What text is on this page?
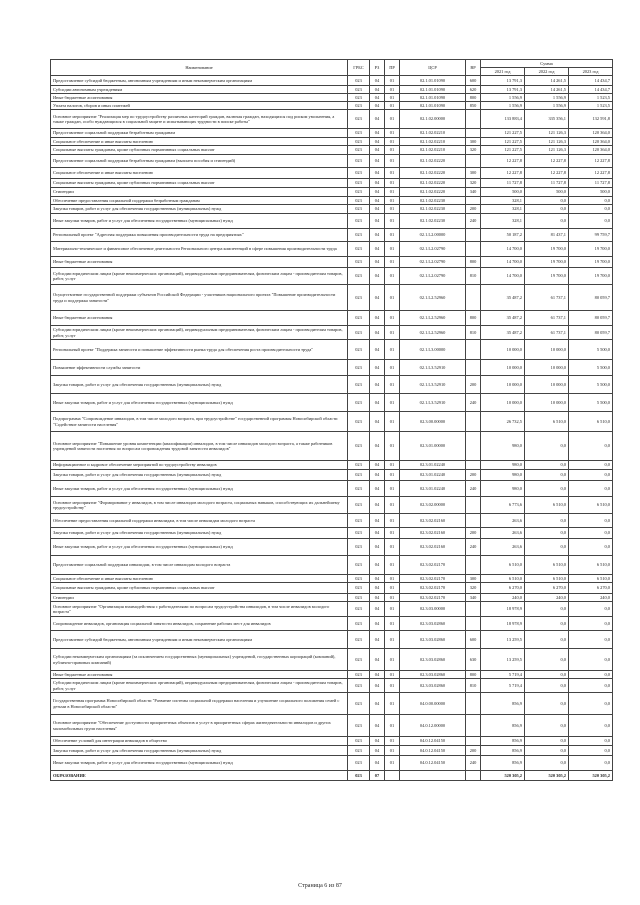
Наименование	ГРБС	РЗ	ПР	ЦСР	ВР	Сумма		
						2021 год	2022 год	2023 год
Предоставление субсидий бюджетным, автономным учреждениям и иным некоммерческим организациям	023	04	01	02.1.01.01090	600	13 791,3	14 261,5	14 434,7
Субсидии автономным учреждениям	023	04	01	02.1.01.01090	620	13 791,3	14 261,5	14 434,7
Иные бюджетные ассигнования	023	04	01	02.1.01.01090	800	1 556,9	1 556,9	1 523,5
Уплата налогов, сборов и иных платежей	023	04	01	02.1.01.01090	850	1 556,9	1 556,9	1 523,5
Основное мероприятие "Реализация мер по трудоустройству различных категорий граждан, включая граждан, находящихся под риском увольнения, а также граждан, особо нуждающихся в социальной защите и испытывающих трудности в поиске работы"	023	04	01	02.1.02.00000		133 883,4	335 356,1	132 591,8
Предоставление социальной поддержки безработным гражданам	023	04	01	02.1.02.02210		121 227,5	121 126,3	120 364,0
Социальное обеспечение и иные выплаты населению	023	04	01	02.1.02.02210	300	121 227,5	121 126,3	120 364,0
Социальные выплаты гражданам, кроме публичных нормативных социальных выплат	023	04	01	02.1.02.02210	320	121 227,5	121 126,3	120 364,0
Предоставление социальной поддержки безработным гражданам (выплата пособия и стипендий)	023	04	01	02.1.02.02220		12 227,8	12 227,8	12 227,8
Социальное обеспечение и иные выплаты населению	023	04	01	02.1.02.02220	300	12 227,8	12 227,8	12 227,8
Социальные выплаты гражданам, кроме публичных нормативных социальных выплат	023	04	01	02.1.02.02220	320	11 727,8	11 727,8	11 727,8
Стипендии	023	04	01	02.1.02.02220	340	500,0	500,0	500,0
Обеспечение предоставления социальной поддержки безработным гражданам	023	04	01	02.1.02.02230		328,1	0,0	0,0
Закупка товаров, работ и услуг для обеспечения государственных (муниципальных) нужд	023	04	01	02.1.02.02230	200	328,1	0,0	0,0
Иные закупки товаров, работ и услуг для обеспечения государственных (муниципальных) нужд	023	04	01	02.1.02.02230	240	328,1	0,0	0,0
Региональный проект "Адресная поддержка повышения производительности труда на предприятиях"	023	04	01	02.1.L2.00000		50 187,2	81 437,1	99 759,7
Материально-техническое и финансовое обеспечение деятельности Регионального центра компетенций в сфере повышения производительности труда	023	04	01	02.1.L2.02790		14 700,0	19 700,0	19 700,0
Иные бюджетные ассигнования	023	04	01	02.1.L2.02790	800	14 700,0	19 700,0	19 700,0
Субсидии юридическим лицам (кроме некоммерческих организаций), индивидуальным предпринимателям, физическим лицам - производителям товаров, работ, услуг	023	04	01	02.1.L2.02790	810	14 700,0	19 700,0	19 700,0
Осуществление государственной поддержки субъектов Российской Федерации - участников национального проекта "Повышение производительности труда и поддержка занятости"	023	04	01	02.1.L2.52960		35 487,2	61 737,1	80 059,7
Иные бюджетные ассигнования	023	04	01	02.1.L2.52960	800	35 487,2	61 737,1	80 059,7
Субсидии юридическим лицам (кроме некоммерческих организаций), индивидуальным предпринимателям, физическим лицам - производителям товаров, работ, услуг	023	04	01	02.1.L2.52960	810	35 487,2	61 737,1	80 059,7
Региональный проект "Поддержка занятости и повышение эффективности рынка труда для обеспечения роста производительности труда"	023	04	01	02.1.L3.00000		10 000,0	10 000,0	5 500,0
Повышение эффективности службы занятости	023	04	01	02.1.L3.52910		10 000,0	10 000,0	5 500,0
Закупка товаров, работ и услуг для обеспечения государственных (муниципальных) нужд	023	04	01	02.1.L3.52910	200	10 000,0	10 000,0	5 500,0
Иные закупки товаров, работ и услуг для обеспечения государственных (муниципальных) нужд	023	04	01	02.1.L3.52910	240	10 000,0	10 000,0	5 500,0
Подпрограмма "Сопровождение инвалидов, в том числе молодого возраста, при трудоустройстве" государственной программы Новосибирской области "Содействие занятости населения"	023	04	01	02.3.00.00000		26 732,5	6 510,0	6 510,0
Основное мероприятие "Повышение уровня компетенции (квалификации) инвалидов, в том числе инвалидов молодого возраста, а также работников учреждений занятости населения по вопросам сопровождения трудовой занятости инвалидов"	023	04	01	02.3.01.00000		980,0	0,0	0,0
Информационное и кадровое обеспечение мероприятий по трудоустройству инвалидов	023	04	01	02.3.01.02240		980,0	0,0	0,0
Закупка товаров, работ и услуг для обеспечения государственных (муниципальных) нужд	023	04	01	02.3.01.02240	200	980,0	0,0	0,0
Иные закупки товаров, работ и услуг для обеспечения государственных (муниципальных) нужд	023	04	01	02.3.01.02240	240	980,0	0,0	0,0
Основное мероприятие "Формирование у инвалидов, в том числе инвалидов молодого возраста, социальных навыков, способствующих их дальнейшему трудоустройству"	023	04	01	02.3.02.00000		6 773,6	6 510,0	6 510,0
Обеспечение предоставления социальной поддержки инвалидам, в том числе инвалидам молодого возраста	023	04	01	02.3.02.02160		263,6	0,0	0,0
Закупка товаров, работ и услуг для обеспечения государственных (муниципальных) нужд	023	04	01	02.3.02.02160	200	263,6	0,0	0,0
Иные закупки товаров, работ и услуг для обеспечения государственных (муниципальных) нужд	023	04	01	02.3.02.02160	240	263,6	0,0	0,0
Предоставление социальной поддержки инвалидам, в том числе инвалидам молодого возраста	023	04	01	02.3.02.02170		6 510,0	6 510,0	6 510,0
Социальное обеспечение и иные выплаты населению	023	04	01	02.3.02.02170	300	6 510,0	6 510,0	6 510,0
Социальные выплаты гражданам, кроме публичных нормативных социальных выплат	023	04	01	02.3.02.02170	320	6 270,0	6 270,0	6 270,0
Стипендии	023	04	01	02.3.02.02170	340	240,0	240,0	240,0
Основное мероприятие "Организация взаимодействия с работодателями по вопросам трудоустройства инвалидов, в том числе инвалидов молодого возраста"	023	04	01	02.3.03.00000		18 978,9	0,0	0,0
Сопровождение инвалидов, организация социальной занятости инвалидов, сохранение рабочих мест для инвалидов	023	04	01	02.3.03.02860		18 978,9	0,0	0,0
Предоставление субсидий бюджетным, автономным учреждениям и иным некоммерческим организациям	023	04	01	02.3.03.02860	600	13 259,5	0,0	0,0
Субсидии некоммерческим организациям (за исключением государственных (муниципальных) учреждений, государственных корпораций (компаний), публично-правовых компаний)	023	04	01	02.3.03.02860	630	13 259,5	0,0	0,0
Иные бюджетные ассигнования	023	04	01	02.3.03.02860	800	5 719,4	0,0	0,0
Субсидии юридическим лицам (кроме некоммерческих организаций), индивидуальным предпринимателям, физическим лицам - производителям товаров, работ, услуг	023	04	01	02.3.03.02860	810	5 719,4	0,0	0,0
Государственная программа Новосибирской области "Развитие системы социальной поддержки населения и улучшение социального положения семей с детьми в Новосибирской области"	023	04	01	04.0.00.00000		856,9	0,0	0,0
Основное мероприятие "Обеспечение доступности приоритетных объектов и услуг в приоритетных сферах жизнедеятельности инвалидов и других маломобильных групп населения"	023	04	01	04.0.12.00000		856,9	0,0	0,0
Обеспечение условий для интеграции инвалидов в общество	023	04	01	04.0.12.04150		856,9	0,0	0,0
Закупка товаров, работ и услуг для обеспечения государственных (муниципальных) нужд	023	04	01	04.0.12.04150	200	856,9	0,0	0,0
Иные закупки товаров, работ и услуг для обеспечения государственных (муниципальных) нужд	023	04	01	04.0.12.04150	240	856,9	0,0	0,0
ОБРАЗОВАНИЕ	023	07				520 305,2	520 305,2	520 305,2
Страница 6 из 87
